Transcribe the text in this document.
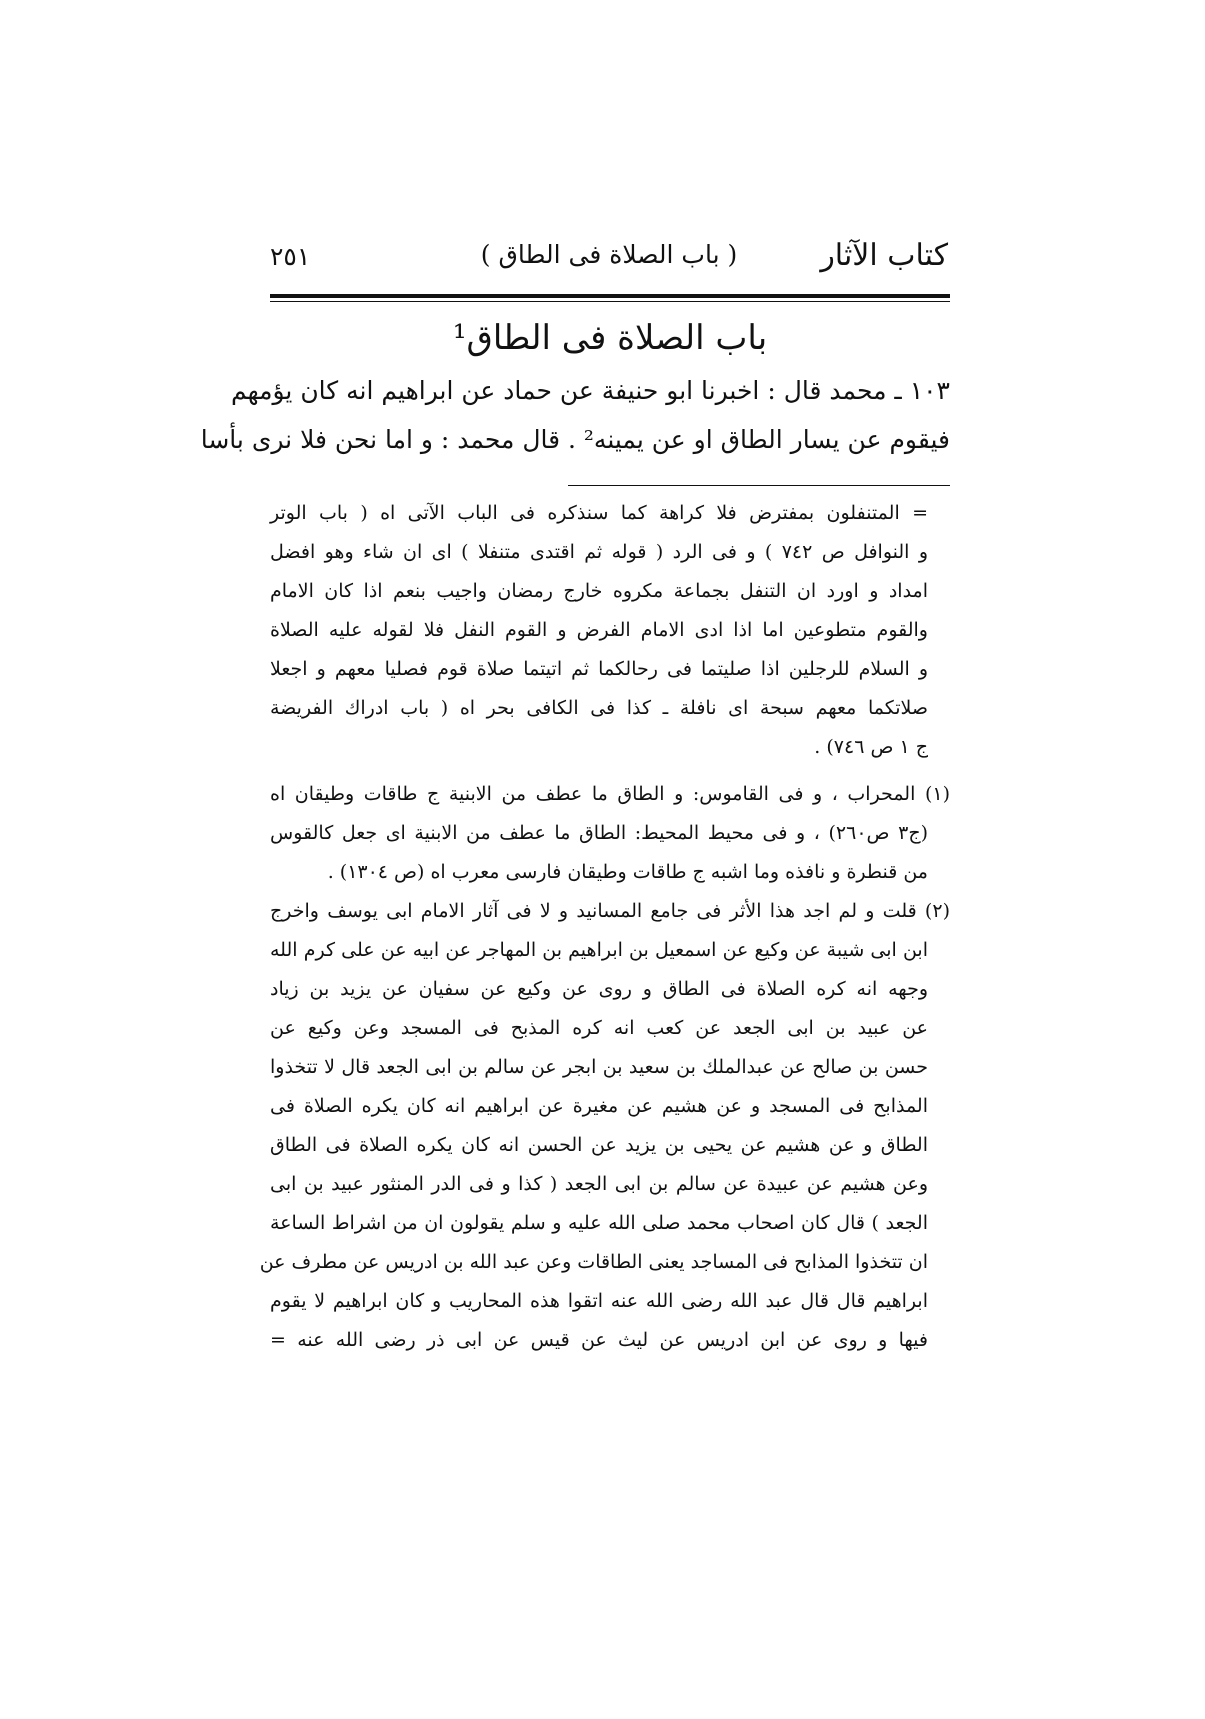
كتاب الآثار
( باب الصلاة فى الطاق )
٢٥١
باب الصلاة فى الطاق¹
١٠٣ ـ محمد قال : اخبرنا ابو حنيفة عن حماد عن ابراهيم انه كان يؤمهم
فيقوم عن يسار الطاق او عن يمينه² . قال محمد : و اما نحن فلا نرى بأسا
= المتنفلون بمفترض فلا كراهة كما سنذكره فى الباب الآتى اه ( باب الوتر
و النوافل ص ٧٤٢ ) و فى الرد ( قوله ثم اقتدى متنفلا ) اى ان شاء وهو افضل
امداد و اورد ان التنفل بجماعة مكروه خارج رمضان واجيب بنعم اذا كان الامام
والقوم متطوعين اما اذا ادى الامام الفرض و القوم النفل فلا لقوله عليه الصلاة
و السلام للرجلين اذا صليتما فى رحالكما ثم اتيتما صلاة قوم فصليا معهم و اجعلا
صلاتكما معهم سبحة اى نافلة ـ كذا فى الكافى بحر اه ( باب ادراك الفريضة
ج ١ ص ٧٤٦) .
(١) المحراب ، و فى القاموس: و الطاق ما عطف من الابنية ج طاقات وطيقان اه
(ج٣ ص٢٦٠) ، و فى محيط المحيط: الطاق ما عطف من الابنية اى جعل كالقوس
من قنطرة و نافذه وما اشبه ج طاقات وطيقان فارسى معرب اه (ص ١٣٠٤) .
(٢) قلت و لم اجد هذا الأثر فى جامع المسانيد و لا فى آثار الامام ابى يوسف واخرج
ابن ابى شيبة عن وكيع عن اسمعيل بن ابراهيم بن المهاجر عن ابيه عن على كرم الله
وجهه انه كره الصلاة فى الطاق و روى عن وكيع عن سفيان عن يزيد بن زياد
عن عبيد بن ابى الجعد عن كعب انه كره المذبح فى المسجد وعن وكيع عن
حسن بن صالح عن عبدالملك بن سعيد بن ابجر عن سالم بن ابى الجعد قال لا تتخذوا
المذابح فى المسجد و عن هشيم عن مغيرة عن ابراهيم انه كان يكره الصلاة فى
الطاق و عن هشيم عن يحيى بن يزيد عن الحسن انه كان يكره الصلاة فى الطاق
وعن هشيم عن عبيدة عن سالم بن ابى الجعد ( كذا و فى الدر المنثور عبيد بن ابى
الجعد ) قال كان اصحاب محمد صلى الله عليه و سلم يقولون ان من اشراط الساعة
ان تتخذوا المذابح فى المساجد يعنى الطاقات وعن عبد الله بن ادريس عن مطرف عن
ابراهيم قال قال عبد الله رضى الله عنه اتقوا هذه المحاريب و كان ابراهيم لا يقوم
فيها و روى عن ابن ادريس عن ليث عن قيس عن ابى ذر رضى الله عنه =
